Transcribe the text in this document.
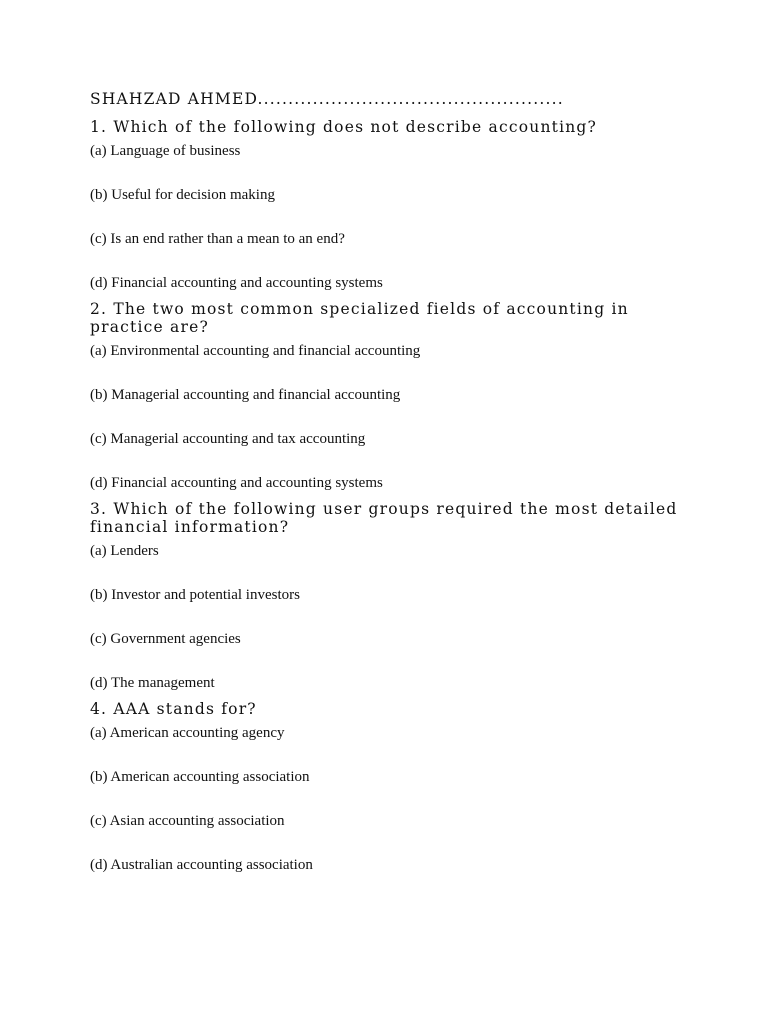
SHAHZAD AHMED..................................................

1. Which of the following does not describe accounting?

(a) Language of business

(b) Useful for decision making

(c) Is an end rather than a mean to an end?

(d) Financial accounting and accounting systems

2. The two most common specialized fields of accounting in practice are?

(a) Environmental accounting and financial accounting

(b) Managerial accounting and financial accounting

(c) Managerial accounting and tax accounting

(d) Financial accounting and accounting systems

3. Which of the following user groups required the most detailed financial information?

(a) Lenders

(b) Investor and potential investors

(c) Government agencies

(d) The management

4. AAA stands for?

(a) American accounting agency

(b) American accounting association

(c) Asian accounting association

(d) Australian accounting association
